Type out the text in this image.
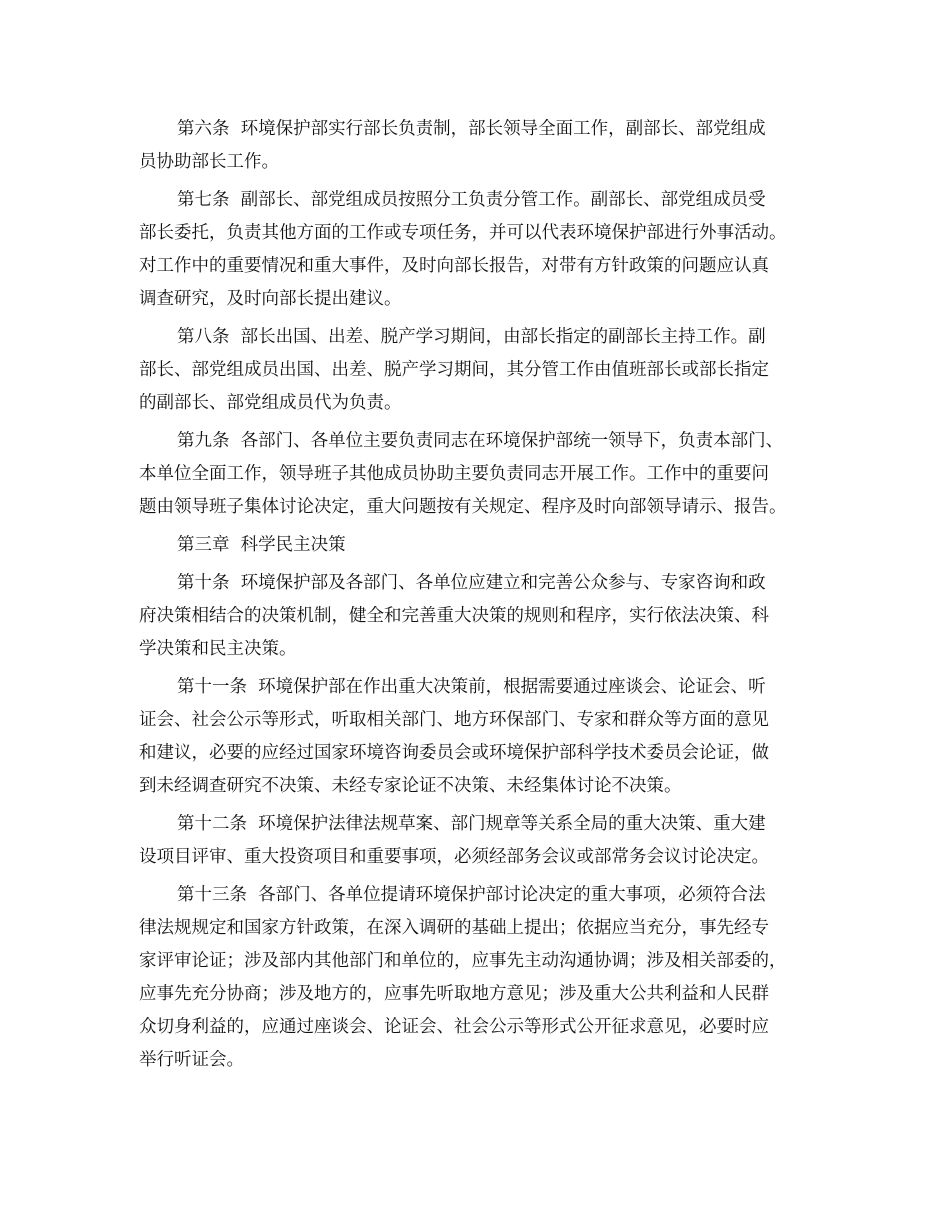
第六条  环境保护部实行部长负责制，部长领导全面工作，副部长、部党组成
员协助部长工作。
第七条  副部长、部党组成员按照分工负责分管工作。副部长、部党组成员受
部长委托，负责其他方面的工作或专项任务，并可以代表环境保护部进行外事活动。
对工作中的重要情况和重大事件，及时向部长报告，对带有方针政策的问题应认真
调查研究，及时向部长提出建议。
第八条  部长出国、出差、脱产学习期间，由部长指定的副部长主持工作。副
部长、部党组成员出国、出差、脱产学习期间，其分管工作由值班部长或部长指定
的副部长、部党组成员代为负责。
第九条  各部门、各单位主要负责同志在环境保护部统一领导下，负责本部门、
本单位全面工作，领导班子其他成员协助主要负责同志开展工作。工作中的重要问
题由领导班子集体讨论决定，重大问题按有关规定、程序及时向部领导请示、报告。
第三章  科学民主决策
第十条  环境保护部及各部门、各单位应建立和完善公众参与、专家咨询和政
府决策相结合的决策机制，健全和完善重大决策的规则和程序，实行依法决策、科
学决策和民主决策。
第十一条  环境保护部在作出重大决策前，根据需要通过座谈会、论证会、听
证会、社会公示等形式，听取相关部门、地方环保部门、专家和群众等方面的意见
和建议，必要的应经过国家环境咨询委员会或环境保护部科学技术委员会论证，做
到未经调查研究不决策、未经专家论证不决策、未经集体讨论不决策。
第十二条  环境保护法律法规草案、部门规章等关系全局的重大决策、重大建
设项目评审、重大投资项目和重要事项，必须经部务会议或部常务会议讨论决定。
第十三条  各部门、各单位提请环境保护部讨论决定的重大事项，必须符合法
律法规规定和国家方针政策，在深入调研的基础上提出；依据应当充分，事先经专
家评审论证；涉及部内其他部门和单位的，应事先主动沟通协调；涉及相关部委的，
应事先充分协商；涉及地方的，应事先听取地方意见；涉及重大公共利益和人民群
众切身利益的，应通过座谈会、论证会、社会公示等形式公开征求意见，必要时应
举行听证会。
